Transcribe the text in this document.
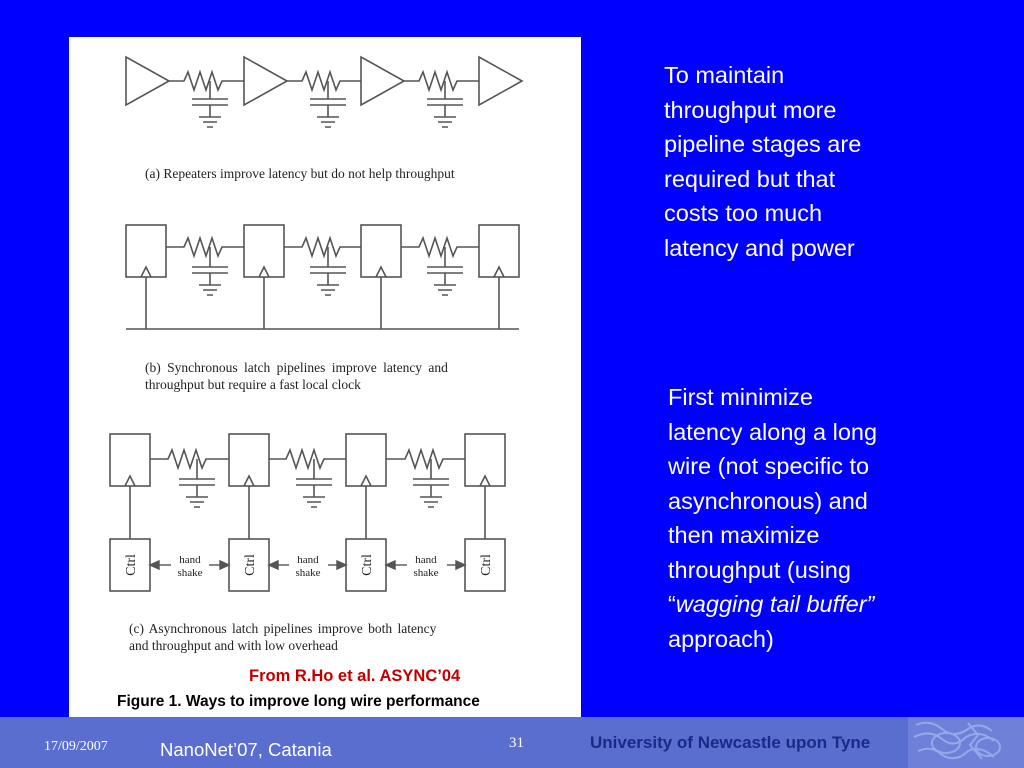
Ctrl	Ctrl	Ctrl	Ctrl
hand
shake
hand
shake
hand
shake
(a) Repeaters improve latency but do not help throughput
(b) Synchronous latch pipelines improve latency and
throughput but require a fast local clock
(c) Asynchronous latch pipelines improve both latency
and throughput and with low overhead
From R.Ho et al. ASYNC’04
Figure 1. Ways to improve long wire performance
To maintain
throughput more
pipeline stages are
required but that
costs too much
latency and power
First minimize
latency along a long
wire (not specific to
asynchronous) and
then maximize
throughput (using
“wagging tail buffer”
approach)
17/09/2007	NanoNet’07, Catania	31	University of Newcastle upon Tyne
